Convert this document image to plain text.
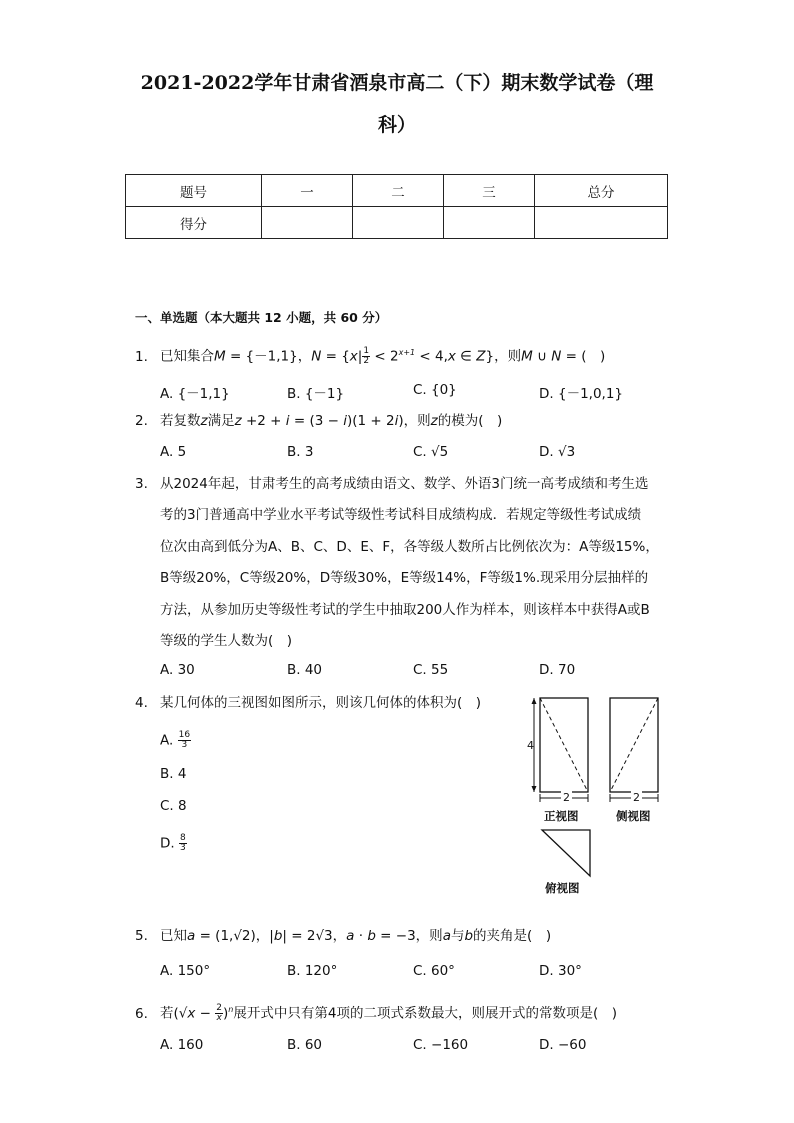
2021-2022学年甘肃省酒泉市高二（下）期末数学试卷（理
科）
题号	一	二	三	总分
得分				
一、单选题（本大题共 12 小题，共 60 分）
1. 已知集合M = {－1,1}，$N = \{x| \frac{1}{2} < 2^{x+1} < 4,x$ ∈ Z}，则M ∪ N = (　)
A. {－1,1}	B. {－1}	C. {0}	D. {－1,0,1}
2. 若复数z满足z +2 + i = (3 − i)(1 + 2i)，则z的模为(　)
A. 5	B. 3	C. √5	D. √3
3. 从2024年起，甘肃考生的高考成绩由语文、数学、外语3门统一高考成绩和考生选
考的3门普通高中学业水平考试等级性考试科目成绩构成．若规定等级性考试成绩
位次由高到低分为A、B、C、D、E、F，各等级人数所占比例依次为：A等级15%，
B等级20%，C等级20%，D等级30%，E等级14%，F等级1%.现采用分层抽样的
方法，从参加历史等级性考试的学生中抽取200人作为样本，则该样本中获得A或B
等级的学生人数为(　)
A. 30	B. 40	C. 55	D. 70
4. 某几何体的三视图如图所示，则该几何体的体积为(　)
A. $\frac{16}{3}$
B. 4
C. 8
D. $\frac{8}{3}$
4
2	2
正视图	侧视图
俯视图
5. 已知a = (1,√2)，|b| = 2√3，a · b = −3，则a与b的夹角是(　)
A. 150°	B. 120°	C. 60°	D. 30°
6. 若$(√x - \frac{2}{x} )^n$展开式中只有第4项的二项式系数最大，则展开式的常数项是(　)
A. 160	B. 60	C. −160	D. −60
